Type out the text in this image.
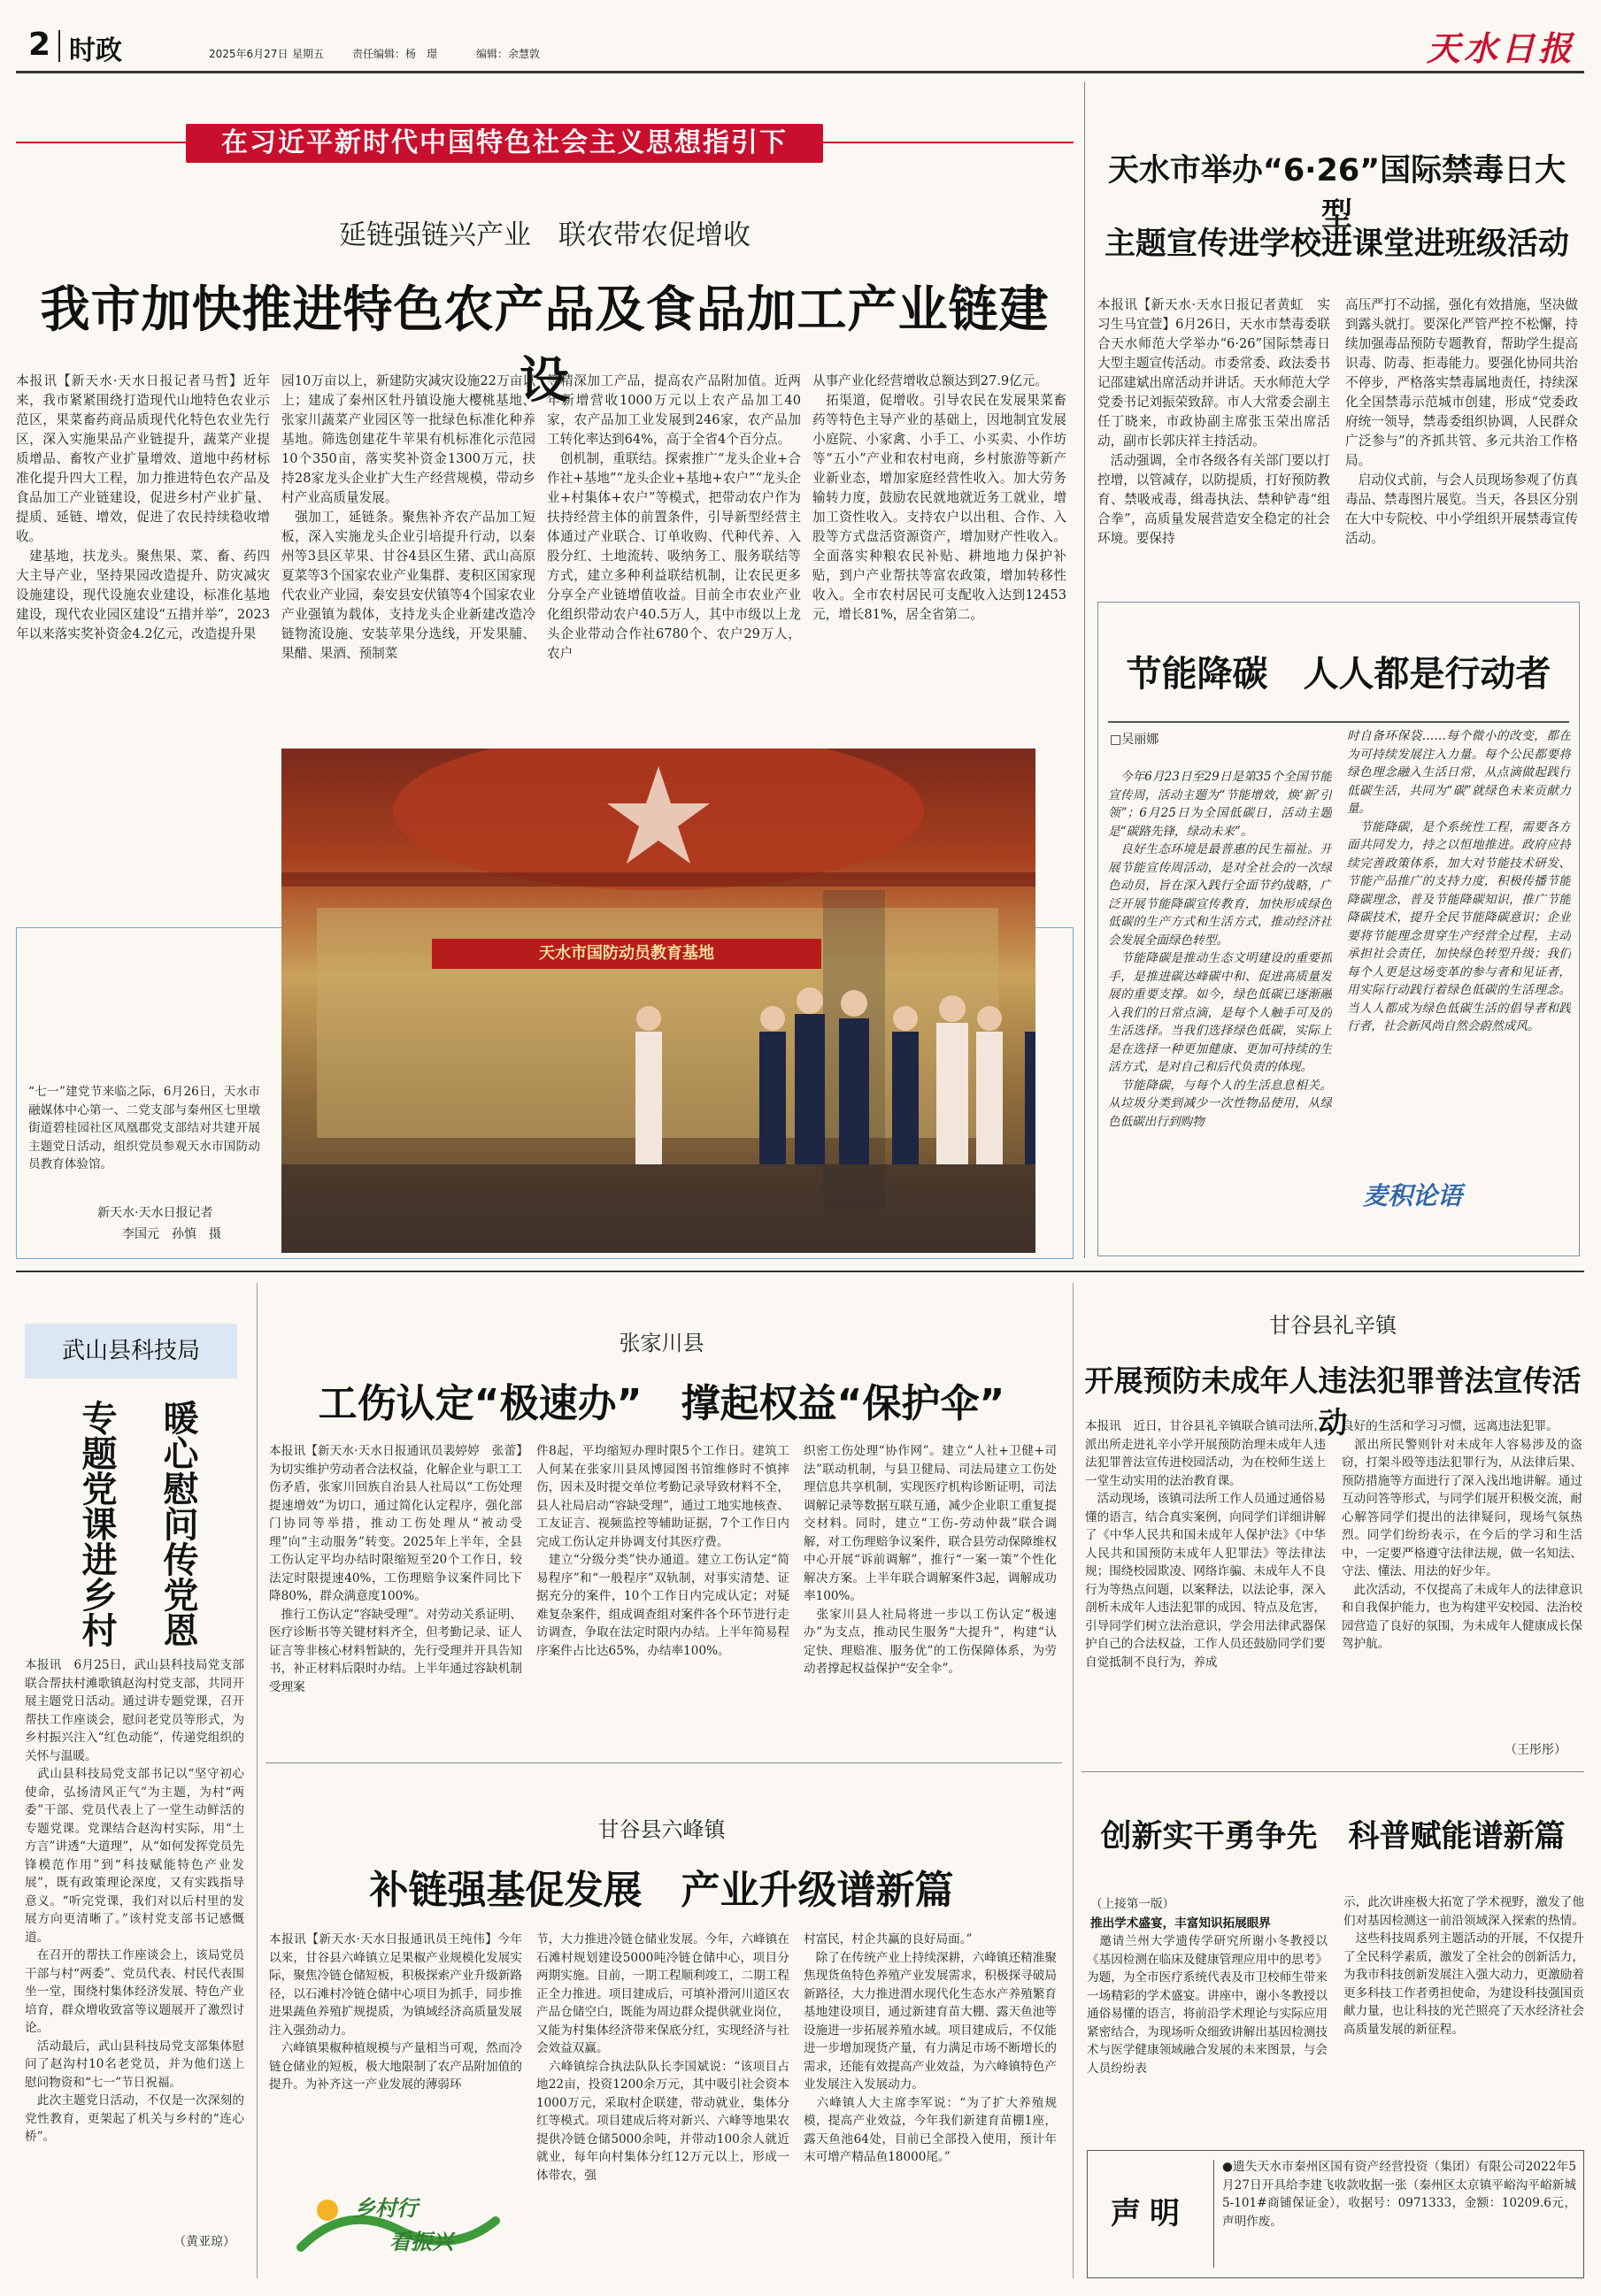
2 时政	2025年6月27日 星期五	责任编辑：杨　璟	编辑：余慧敦	天水日报
在习近平新时代中国特色社会主义思想指引下
延链强链兴产业　联农带农促增收
我市加快推进特色农产品及食品加工产业链建设
本报讯【新天水·天水日报记者马哲】近年来，我市紧紧围绕打造现代山地特色农业示范区，果菜畜药商品质现代化特色农业先行区，深入实施果品产业链提升，蔬菜产业提质增品、畜牧产业扩量增效、道地中药材标准化提升四大工程，加力推进特色农产品及食品加工产业链建设，促进乡村产业扩量、提质、延链、增效，促进了农民持续稳收增收。
　建基地，扶龙头。聚焦果、菜、畜、药四大主导产业，坚持果园改造提升、防灾减灾设施建设，现代设施农业建设，标准化基地建设，现代农业园区建设“五措并举”，2023年以来落实奖补资金4.2亿元，改造提升果
园10万亩以上，新建防灾减灾设施22万亩以上；建成了秦州区牡丹镇设施大樱桃基地、张家川蔬菜产业园区等一批绿色标准化种养基地。筛选创建花牛苹果有机标准化示范园10个350亩，落实奖补资金1300万元，扶持28家龙头企业扩大生产经营规模，带动乡村产业高质量发展。
　强加工，延链条。聚焦补齐农产品加工短板，深入实施龙头企业引培提升行动，以秦州等3县区苹果、甘谷4县区生猪、武山高原夏菜等3个国家农业产业集群、麦积区国家现代农业产业园，秦安县安伏镇等4个国家农业产业强镇为载体，支持龙头企业新建改造冷链物流设施、安装苹果分选线，开发果脯、果醋、果酒、预制菜
等精深加工产品，提高农产品附加值。近两年新增营收1000万元以上农产品加工40家，农产品加工业发展到246家，农产品加工转化率达到64%，高于全省4个百分点。
　创机制，重联结。探索推广“龙头企业+合作社+基地”“龙头企业+基地+农户”“龙头企业+村集体+农户”等模式，把带动农户作为扶持经营主体的前置条件，引导新型经营主体通过产业联合、订单收购、代种代养、入股分红、土地流转、吸纳务工、服务联结等方式，建立多种利益联结机制，让农民更多分享全产业链增值收益。目前全市农业产业化组织带动农户40.5万人，其中市级以上龙头企业带动合作社6780个、农户29万人，农户
从事产业化经营增收总额达到27.9亿元。
　拓渠道，促增收。引导农民在发展果菜畜药等特色主导产业的基础上，因地制宜发展小庭院、小家禽、小手工、小买卖、小作坊等“五小”产业和农村电商，乡村旅游等新产业新业态，增加家庭经营性收入。加大劳务输转力度，鼓励农民就地就近务工就业，增加工资性收入。支持农户以出租、合作、入股等方式盘活资源资产，增加财产性收入。全面落实种粮农民补贴、耕地地力保护补贴，到户产业帮扶等富农政策，增加转移性收入。全市农村居民可支配收入达到12453元，增长81%，居全省第二。
天水市国防动员教育基地
“七一”建党节来临之际，6月26日，天水市融媒体中心第一、二党支部与秦州区七里墩街道碧桂园社区凤凰郡党支部结对共建开展主题党日活动，组织党员参观天水市国防动员教育体验馆。
新天水·天水日报记者
李国元　孙慎　摄
天水市举办“6·26”国际禁毒日大型
主题宣传进学校进课堂进班级活动
本报讯【新天水·天水日报记者黄虹　实习生马宜萱】6月26日，天水市禁毒委联合天水师范大学举办“6·26”国际禁毒日大型主题宣传活动。市委常委、政法委书记邵建斌出席活动并讲话。天水师范大学党委书记刘振荣致辞。市人大常委会副主任丁晓来，市政协副主席张玉荣出席活动，副市长郭庆祥主持活动。
　活动强调，全市各级各有关部门要以打控增，以管减存，以防提质，打好预防教育、禁吸戒毒，缉毒执法、禁种铲毒“组合拳”，高质量发展营造安全稳定的社会环境。要保持
高压严打不动摇，强化有效措施，坚决做到露头就打。要深化严管严控不松懈，持续加强毒品预防专题教育，帮助学生提高识毒、防毒、拒毒能力。要强化协同共治不停步，严格落实禁毒属地责任，持续深化全国禁毒示范城市创建，形成“党委政府统一领导，禁毒委组织协调，人民群众广泛参与”的齐抓共管、多元共治工作格局。
　启动仪式前，与会人员现场参观了仿真毒品、禁毒图片展览。当天，各县区分别在大中专院校、中小学组织开展禁毒宣传活动。
节能降碳　人人都是行动者
□吴丽娜
　今年6月23日至29日是第35个全国节能宣传周，活动主题为“节能增效，焕‘新’引领”；6月25日为全国低碳日，活动主题是“碳路先锋，绿动未来”。
　良好生态环境是最普惠的民生福祉。开展节能宣传周活动，是对全社会的一次绿色动员，旨在深入践行全面节约战略，广泛开展节能降碳宣传教育，加快形成绿色低碳的生产方式和生活方式，推动经济社会发展全面绿色转型。
　节能降碳是推动生态文明建设的重要抓手，是推进碳达峰碳中和、促进高质量发展的重要支撑。如今，绿色低碳已逐渐融入我们的日常点滴，是每个人触手可及的生活选择。当我们选择绿色低碳，实际上是在选择一种更加健康、更加可持续的生活方式，是对自己和后代负责的体现。
　节能降碳，与每个人的生活息息相关。从垃圾分类到减少一次性物品使用，从绿色低碳出行到购物
时自备环保袋……每个微小的改变，都在为可持续发展注入力量。每个公民都要将绿色理念融入生活日常，从点滴做起践行低碳生活，共同为“碳”就绿色未来贡献力量。
　节能降碳，是个系统性工程，需要各方面共同发力，持之以恒地推进。政府应持续完善政策体系，加大对节能技术研发、节能产品推广的支持力度，积极传播节能降碳理念，普及节能降碳知识，推广节能降碳技术，提升全民节能降碳意识；企业要将节能理念贯穿生产经营全过程，主动承担社会责任，加快绿色转型升级；我们每个人更是这场变革的参与者和见证者，用实际行动践行着绿色低碳的生活理念。当人人都成为绿色低碳生活的倡导者和践行者，社会新风尚自然会蔚然成风。
麦积论语
武山县科技局
暖心慰问传党恩
专题党课进乡村
本报讯　6月25日，武山县科技局党支部联合帮扶村滩歌镇赵沟村党支部，共同开展主题党日活动。通过讲专题党课，召开帮扶工作座谈会，慰问老党员等形式，为乡村振兴注入“红色动能”，传递党组织的关怀与温暖。
　武山县科技局党支部书记以“坚守初心使命，弘扬清风正气”为主题，为村“两委”干部、党员代表上了一堂生动鲜活的专题党课。党课结合赵沟村实际，用“土方言”讲透“大道理”，从“如何发挥党员先锋模范作用”到“科技赋能特色产业发展”，既有政策理论深度，又有实践指导意义。“听完党课，我们对以后村里的发展方向更清晰了。”该村党支部书记感慨道。
　在召开的帮扶工作座谈会上，该局党员干部与村“两委”、党员代表、村民代表围坐一堂，围绕村集体经济发展、特色产业培育，群众增收致富等议题展开了激烈讨论。
　活动最后，武山县科技局党支部集体慰问了赵沟村10名老党员，并为他们送上慰问物资和“七一”节日祝福。
　此次主题党日活动，不仅是一次深刻的党性教育，更架起了机关与乡村的“连心桥”。
（黄亚琼）
张家川县
工伤认定“极速办”　撑起权益“保护伞”
本报讯【新天水·天水日报通讯员裴婷婷　张蕾】为切实维护劳动者合法权益，化解企业与职工工伤矛盾，张家川回族自治县人社局以“工伤处理提速增效”为切口，通过简化认定程序，强化部门协同等举措，推动工伤处理从“被动受理”向“主动服务”转变。2025年上半年，全县工伤认定平均办结时限缩短至20个工作日，较法定时限提速40%，工伤理赔争议案件同比下降80%，群众满意度100%。
　推行工伤认定“容缺受理”。对劳动关系证明、医疗诊断书等关键材料齐全，但考勤记录、证人证言等非核心材料暂缺的，先行受理并开具告知书，补正材料后限时办结。上半年通过容缺机制受理案
件8起，平均缩短办理时限5个工作日。建筑工人何某在张家川县凤博园图书馆维修时不慎摔伤，因未及时提交单位考勤记录导致材料不全，县人社局启动“容缺受理”，通过工地实地核查、工友证言、视频监控等辅助证据，7个工作日内完成工伤认定并协调支付其医疗费。
　建立“分级分类”快办通道。建立工伤认定“简易程序”和“一般程序”双轨制，对事实清楚、证据充分的案件，10个工作日内完成认定；对疑难复杂案件，组成调查组对案件各个环节进行走访调查，争取在法定时限内办结。上半年简易程序案件占比达65%，办结率100%。
织密工伤处理“协作网”。建立“人社+卫健+司法”联动机制，与县卫健局、司法局建立工伤处理信息共享机制，实现医疗机构诊断证明，司法调解记录等数据互联互通，减少企业职工重复提交材料。同时，建立“工伤-劳动仲裁”联合调解，对工伤理赔争议案件，联合县劳动保障维权中心开展“诉前调解”，推行“一案一策”个性化解决方案。上半年联合调解案件3起，调解成功率100%。
　张家川县人社局将进一步以工伤认定“极速办”为支点，推动民生服务“大提升”，构建“认定快、理赔准、服务优”的工伤保障体系，为劳动者撑起权益保护“安全伞”。
甘谷县六峰镇
补链强基促发展　产业升级谱新篇
本报讯【新天水·天水日报通讯员王纯伟】今年以来，甘谷县六峰镇立足果椒产业规模化发展实际，聚焦冷链仓储短板，积极探索产业升级新路径，以石滩村冷链仓储中心项目为抓手，同步推进果蔬鱼养殖扩规提质，为镇域经济高质量发展注入强劲动力。
　六峰镇果椒种植规模与产量相当可观，然而冷链仓储业的短板，极大地限制了农产品附加值的提升。为补齐这一产业发展的薄弱环
乡村行
看振兴
节，大力推进冷链仓储业发展。今年，六峰镇在石滩村规划建设5000吨冷链仓储中心，项目分两期实施。目前，一期工程顺利竣工，二期工程正全力推进。项目建成后，可填补滑河川道区农产品仓储空白，既能为周边群众提供就业岗位，又能为村集体经济带来保底分红，实现经济与社会效益双赢。
　六峰镇综合执法队队长李国斌说：“该项目占地22亩，投资1200余万元，其中吸引社会资本1000万元，采取村企联建，带动就业，集体分红等模式。项目建成后将对新兴、六峰等地果农提供冷链仓储5000余吨，并带动100余人就近就业，每年向村集体分红12万元以上，形成一体带农，强
村富民，村企共赢的良好局面。”
　除了在传统产业上持续深耕，六峰镇还精准聚焦现货鱼特色养殖产业发展需求，积极探寻破局新路径，大力推进渭水现代化生态水产养殖繁育基地建设项目，通过新建育苗大棚、露天鱼池等设施进一步拓展养殖水域。项目建成后，不仅能进一步增加现货产量，有力满足市场不断增长的需求，还能有效提高产业效益，为六峰镇特色产业发展注入发展动力。
　六峰镇人大主席李军说：“为了扩大养殖规模，提高产业效益，今年我们新建育苗棚1座，露天鱼池64处，目前已全部投入使用，预计年末可增产精品鱼18000尾。”
甘谷县礼辛镇
开展预防未成年人违法犯罪普法宣传活动
本报讯　近日，甘谷县礼辛镇联合镇司法所，派出所走进礼辛小学开展预防治理未成年人违法犯罪普法宣传进校园活动，为在校师生送上一堂生动实用的法治教育课。
　活动现场，该镇司法所工作人员通过通俗易懂的语言，结合真实案例，向同学们详细讲解了《中华人民共和国未成年人保护法》《中华人民共和国预防未成年人犯罪法》等法律法规；围绕校园欺凌、网络诈骗、未成年人不良行为等热点问题，以案释法，以法论事，深入剖析未成年人违法犯罪的成因、特点及危害，引导同学们树立法治意识，学会用法律武器保护自己的合法权益，工作人员还鼓励同学们要自觉抵制不良行为，养成
良好的生活和学习习惯，远离违法犯罪。
　派出所民警则针对未成年人容易涉及的盗窃，打架斗殴等违法犯罪行为，从法律后果、预防措施等方面进行了深入浅出地讲解。通过互动问答等形式，与同学们展开积极交流，耐心解答同学们提出的法律疑问，现场气氛热烈。同学们纷纷表示，在今后的学习和生活中，一定要严格遵守法律法规，做一名知法、守法、懂法、用法的好少年。
　此次活动，不仅提高了未成年人的法律意识和自我保护能力，也为构建平安校园、法治校园营造了良好的氛围，为未成年人健康成长保驾护航。
（王彤彤）
创新实干勇争先　科普赋能谱新篇
（上接第一版）
推出学术盛宴，丰富知识拓展眼界
　邀请兰州大学遗传学研究所谢小冬教授以《基因检测在临床及健康管理应用中的思考》为题，为全市医疗系统代表及市卫校师生带来一场精彩的学术盛宴。讲座中，谢小冬教授以通俗易懂的语言，将前沿学术理论与实际应用紧密结合，为现场听众细致讲解出基因检测技术与医学健康领域融合发展的未来图景，与会人员纷纷表
示，此次讲座极大拓宽了学术视野，激发了他们对基因检测这一前沿领域深入探索的热情。
　这些科技周系列主题活动的开展，不仅提升了全民科学素质，激发了全社会的创新活力，为我市科技创新发展注入强大动力，更激励着更多科技工作者勇担使命，为建设科技强国贡献力量，也让科技的光芒照亮了天水经济社会高质量发展的新征程。
声明
●遗失天水市秦州区国有资产经营投资（集团）有限公司2022年5月27日开具给李建飞收款收据一张（秦州区太京镇平峪沟平峪新城5-101#商铺保证金），收据号：0971333，金额：10209.6元，声明作废。
